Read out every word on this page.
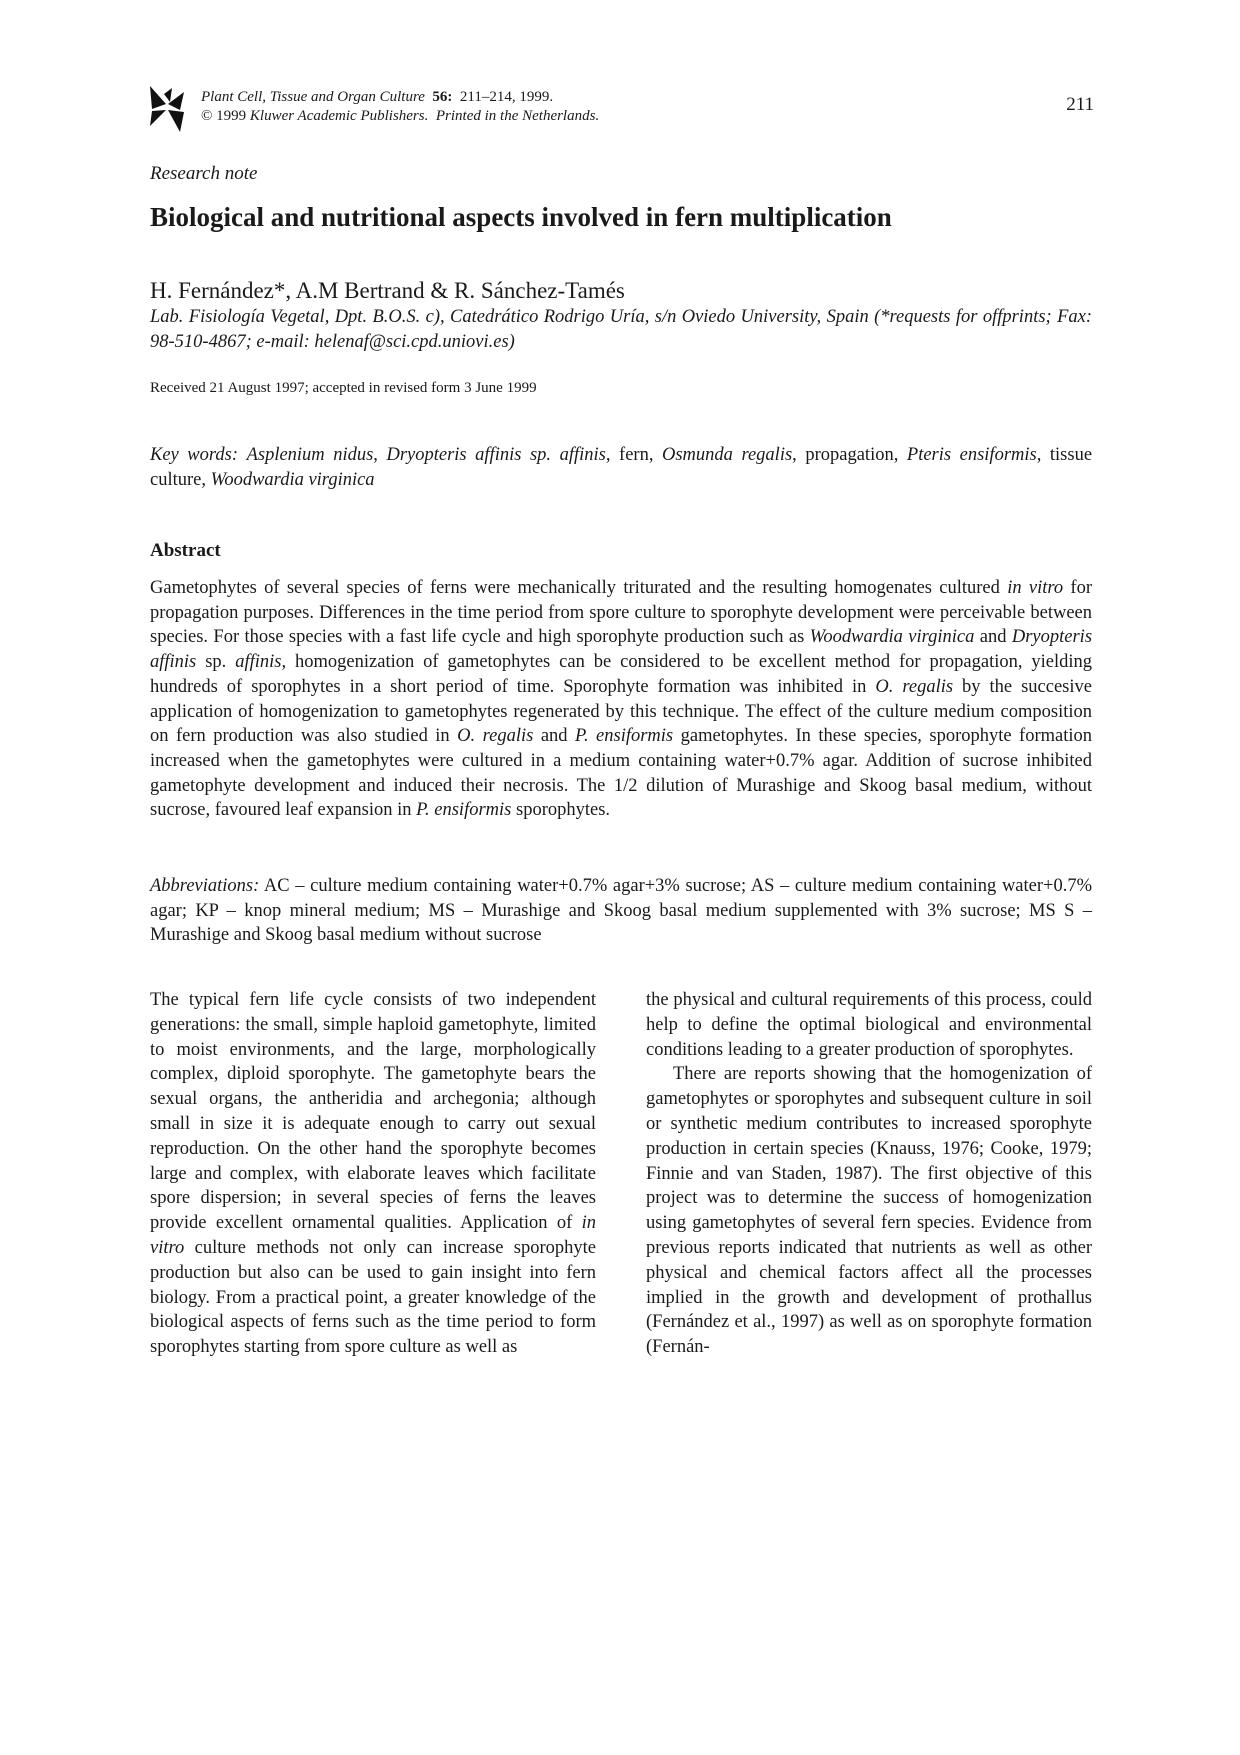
Plant Cell, Tissue and Organ Culture 56: 211–214, 1999.
© 1999 Kluwer Academic Publishers. Printed in the Netherlands.
211
Research note
Biological and nutritional aspects involved in fern multiplication
H. Fernández*, A.M Bertrand & R. Sánchez-Tamés
Lab. Fisiología Vegetal, Dpt. B.O.S. c), Catedrático Rodrigo Uría, s/n Oviedo University, Spain (*requests for offprints; Fax: 98-510-4867; e-mail: helenaf@sci.cpd.uniovi.es)
Received 21 August 1997; accepted in revised form 3 June 1999
Key words: Asplenium nidus, Dryopteris affinis sp. affinis, fern, Osmunda regalis, propagation, Pteris ensiformis, tissue culture, Woodwardia virginica
Abstract
Gametophytes of several species of ferns were mechanically triturated and the resulting homogenates cultured in vitro for propagation purposes. Differences in the time period from spore culture to sporophyte development were perceivable between species. For those species with a fast life cycle and high sporophyte production such as Woodwardia virginica and Dryopteris affinis sp. affinis, homogenization of gametophytes can be considered to be excellent method for propagation, yielding hundreds of sporophytes in a short period of time. Sporophyte formation was inhibited in O. regalis by the succesive application of homogenization to gametophytes regenerated by this technique. The effect of the culture medium composition on fern production was also studied in O. regalis and P. ensiformis gametophytes. In these species, sporophyte formation increased when the gametophytes were cultured in a medium containing water+0.7% agar. Addition of sucrose inhibited gametophyte development and induced their necrosis. The 1/2 dilution of Murashige and Skoog basal medium, without sucrose, favoured leaf expansion in P. ensiformis sporophytes.
Abbreviations: AC – culture medium containing water+0.7% agar+3% sucrose; AS – culture medium containing water+0.7% agar; KP – knop mineral medium; MS – Murashige and Skoog basal medium supplemented with 3% sucrose; MS S – Murashige and Skoog basal medium without sucrose

The typical fern life cycle consists of two independent generations: the small, simple haploid gametophyte, limited to moist environments, and the large, morphologically complex, diploid sporophyte. The gametophyte bears the sexual organs, the antheridia and archegonia; although small in size it is adequate enough to carry out sexual reproduction. On the other hand the sporophyte becomes large and complex, with elaborate leaves which facilitate spore dispersion; in several species of ferns the leaves provide excellent ornamental qualities. Application of in vitro culture methods not only can increase sporophyte production but also can be used to gain insight into fern biology. From a practical point, a greater knowledge of the biological aspects of ferns such as the time period to form sporophytes starting from spore culture as well as

the physical and cultural requirements of this process, could help to define the optimal biological and environmental conditions leading to a greater production of sporophytes.

There are reports showing that the homogenization of gametophytes or sporophytes and subsequent culture in soil or synthetic medium contributes to increased sporophyte production in certain species (Knauss, 1976; Cooke, 1979; Finnie and van Staden, 1987). The first objective of this project was to determine the success of homogenization using gametophytes of several fern species. Evidence from previous reports indicated that nutrients as well as other physical and chemical factors affect all the processes implied in the growth and development of prothallus (Fernández et al., 1997) as well as on sporophyte formation (Fernán-
